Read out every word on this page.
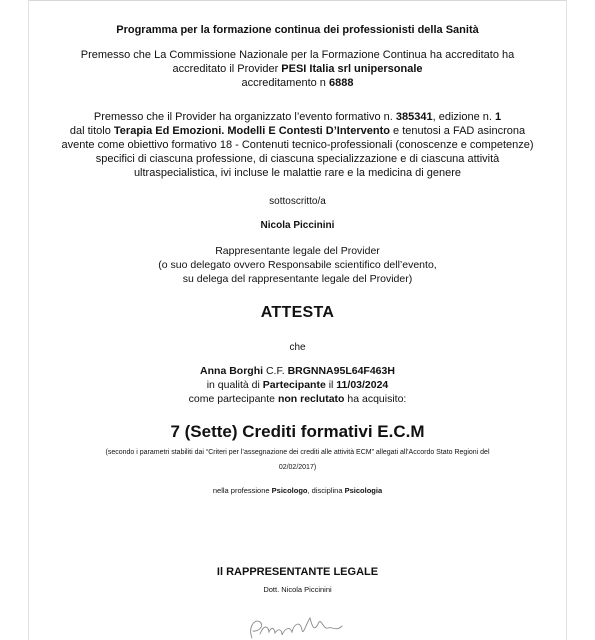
Programma per la formazione continua dei professionisti della Sanità
Premesso che La Commissione Nazionale per la Formazione Continua ha accreditato ha
accreditato il Provider PESI Italia srl unipersonale
accreditamento n 6888
Premesso che il Provider ha organizzato l’evento formativo n. 385341, edizione n. 1
dal titolo Terapia Ed Emozioni. Modelli E Contesti D’Intervento e tenutosi a FAD asincrona
avente come obiettivo formativo 18 - Contenuti tecnico-professionali (conoscenze e competenze)
specifici di ciascuna professione, di ciascuna specializzazione e di ciascuna attività
ultraspecialistica, ivi incluse le malattie rare e la medicina di genere
sottoscritto/a
Nicola Piccinini
Rappresentante legale del Provider
(o suo delegato ovvero Responsabile scientifico dell’evento,
su delega del rappresentante legale del Provider)
ATTESTA
che
Anna Borghi C.F. BRGNNA95L64F463H
in qualità di Partecipante il 11/03/2024
come partecipante non reclutato ha acquisito:
7 (Sette) Crediti formativi E.C.M
(secondo i parametri stabiliti dai “Criteri per l’assegnazione dei crediti alle attività ECM” allegati all’Accordo Stato Regioni del
02/02/2017)
nella professione Psicologo, disciplina Psicologia
Il RAPPRESENTANTE LEGALE
Dott. Nicola Piccinini
